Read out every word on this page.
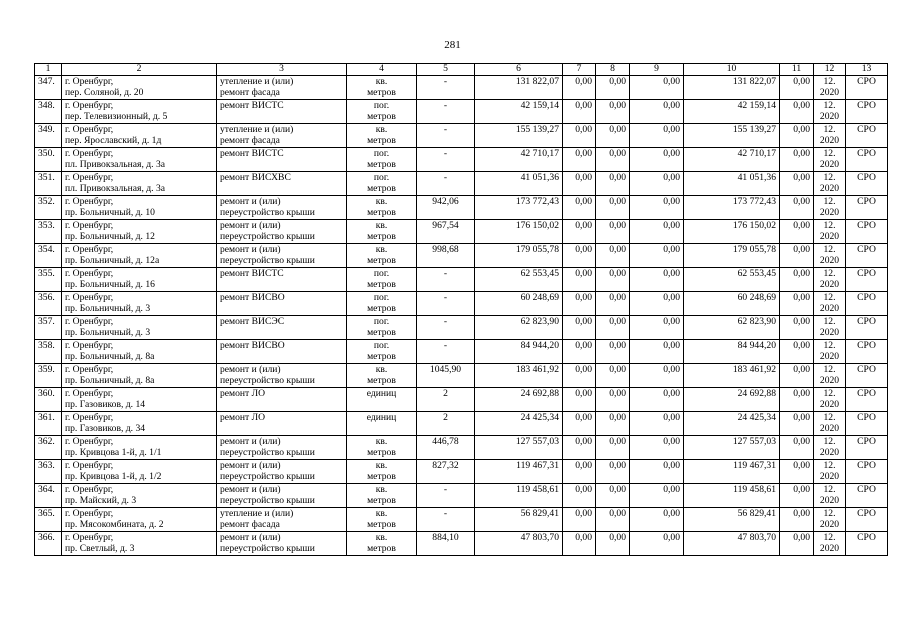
281
1	2	3	4	5	6	7	8	9	10	11	12	13
347.	г. Оренбург,
пер. Соляной, д. 20	утепление и (или)
ремонт фасада	кв.
метров	-	131 822,07	0,00	0,00	0,00	131 822,07	0,00	12.
2020	СРО
348.	г. Оренбург,
пер. Телевизионный, д. 5	ремонт ВИСТС	пог.
метров	-	42 159,14	0,00	0,00	0,00	42 159,14	0,00	12.
2020	СРО
349.	г. Оренбург,
пер. Ярославский, д. 1д	утепление и (или)
ремонт фасада	кв.
метров	-	155 139,27	0,00	0,00	0,00	155 139,27	0,00	12.
2020	СРО
350.	г. Оренбург,
пл. Привокзальная, д. 3а	ремонт ВИСТС	пог.
метров	-	42 710,17	0,00	0,00	0,00	42 710,17	0,00	12.
2020	СРО
351.	г. Оренбург,
пл. Привокзальная, д. 3а	ремонт ВИСХВС	пог.
метров	-	41 051,36	0,00	0,00	0,00	41 051,36	0,00	12.
2020	СРО
352.	г. Оренбург,
пр. Больничный, д. 10	ремонт и (или)
переустройство крыши	кв.
метров	942,06	173 772,43	0,00	0,00	0,00	173 772,43	0,00	12.
2020	СРО
353.	г. Оренбург,
пр. Больничный, д. 12	ремонт и (или)
переустройство крыши	кв.
метров	967,54	176 150,02	0,00	0,00	0,00	176 150,02	0,00	12.
2020	СРО
354.	г. Оренбург,
пр. Больничный, д. 12а	ремонт и (или)
переустройство крыши	кв.
метров	998,68	179 055,78	0,00	0,00	0,00	179 055,78	0,00	12.
2020	СРО
355.	г. Оренбург,
пр. Больничный, д. 16	ремонт ВИСТС	пог.
метров	-	62 553,45	0,00	0,00	0,00	62 553,45	0,00	12.
2020	СРО
356.	г. Оренбург,
пр. Больничный, д. 3	ремонт ВИСВО	пог.
метров	-	60 248,69	0,00	0,00	0,00	60 248,69	0,00	12.
2020	СРО
357.	г. Оренбург,
пр. Больничный, д. 3	ремонт ВИСЭС	пог.
метров	-	62 823,90	0,00	0,00	0,00	62 823,90	0,00	12.
2020	СРО
358.	г. Оренбург,
пр. Больничный, д. 8а	ремонт ВИСВО	пог.
метров	-	84 944,20	0,00	0,00	0,00	84 944,20	0,00	12.
2020	СРО
359.	г. Оренбург,
пр. Больничный, д. 8а	ремонт и (или)
переустройство крыши	кв.
метров	1045,90	183 461,92	0,00	0,00	0,00	183 461,92	0,00	12.
2020	СРО
360.	г. Оренбург,
пр. Газовиков, д. 14	ремонт ЛО	единиц	2	24 692,88	0,00	0,00	0,00	24 692,88	0,00	12.
2020	СРО
361.	г. Оренбург,
пр. Газовиков, д. 34	ремонт ЛО	единиц	2	24 425,34	0,00	0,00	0,00	24 425,34	0,00	12.
2020	СРО
362.	г. Оренбург,
пр. Кривцова 1-й, д. 1/1	ремонт и (или)
переустройство крыши	кв.
метров	446,78	127 557,03	0,00	0,00	0,00	127 557,03	0,00	12.
2020	СРО
363.	г. Оренбург,
пр. Кривцова 1-й, д. 1/2	ремонт и (или)
переустройство крыши	кв.
метров	827,32	119 467,31	0,00	0,00	0,00	119 467,31	0,00	12.
2020	СРО
364.	г. Оренбург,
пр. Майский, д. 3	ремонт и (или)
переустройство крыши	кв.
метров	-	119 458,61	0,00	0,00	0,00	119 458,61	0,00	12.
2020	СРО
365.	г. Оренбург,
пр. Мясокомбината, д. 2	утепление и (или)
ремонт фасада	кв.
метров	-	56 829,41	0,00	0,00	0,00	56 829,41	0,00	12.
2020	СРО
366.	г. Оренбург,
пр. Светлый, д. 3	ремонт и (или)
переустройство крыши	кв.
метров	884,10	47 803,70	0,00	0,00	0,00	47 803,70	0,00	12.
2020	СРО
